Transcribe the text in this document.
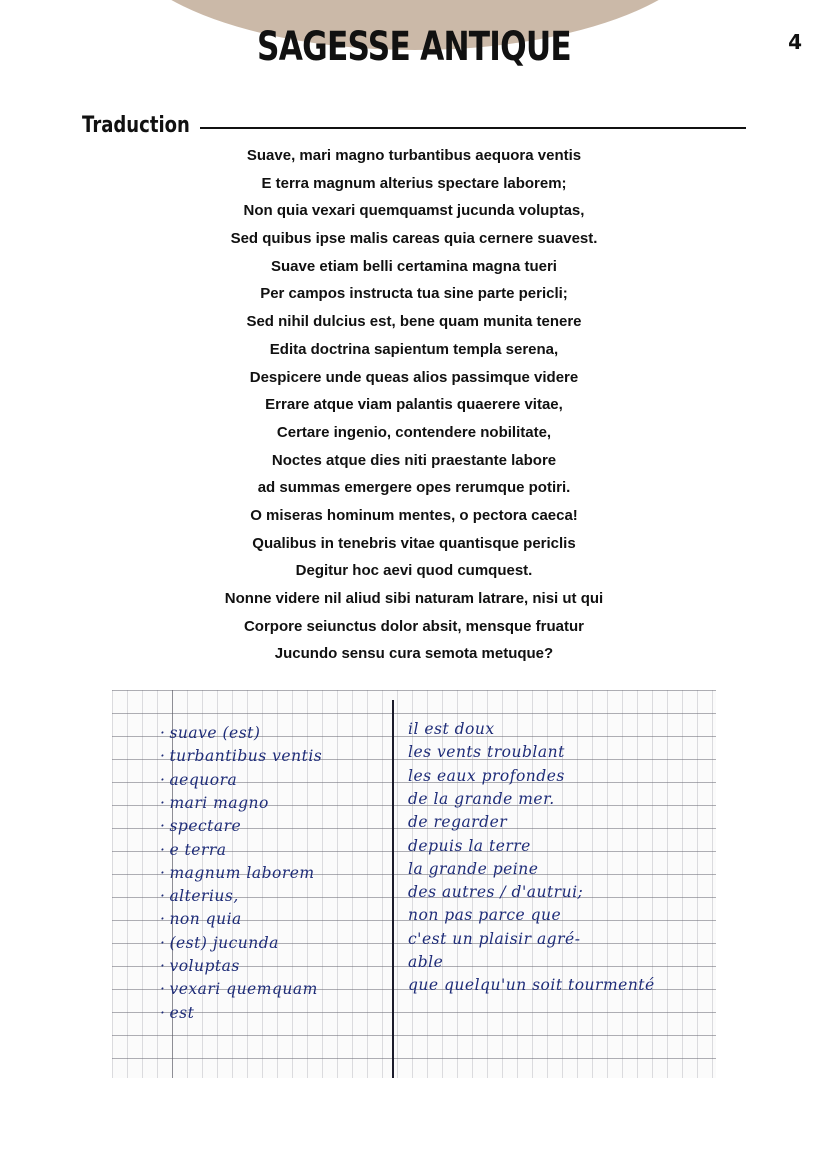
SAGESSE ANTIQUE	4
Traduction
Suave, mari magno turbantibus aequora ventis
E terra magnum alterius spectare laborem;
Non quia vexari quemquamst jucunda voluptas,
Sed quibus ipse malis careas quia cernere suavest.
Suave etiam belli certamina magna tueri
Per campos instructa tua sine parte pericli;
Sed nihil dulcius est, bene quam munita tenere
Edita doctrina sapientum templa serena,
Despicere unde queas alios passimque videre
Errare atque viam palantis quaerere vitae,
Certare ingenio, contendere nobilitate,
Noctes atque dies niti praestante labore
ad summas emergere opes rerumque potiri.
O miseras hominum mentes, o pectora caeca!
Qualibus in tenebris vitae quantisque periclis
Degitur hoc aevi quod cumquest.
Nonne videre nil aliud sibi naturam latrare, nisi ut qui
Corpore seiunctus dolor absit, mensque fruatur
Jucundo sensu cura semota metuque?
· suave (est)
· turbantibus ventis
· aequora
· mari magno
· spectare
· e terra
· magnum laborem
· alterius,
· non quia
· (est) jucunda
· voluptas
· vexari quemquam
· est
il est doux
les vents troublant
les eaux profondes
de la grande mer.
de regarder
depuis la terre
la grande peine
des autres / d'autrui;
non pas parce que
c'est un plaisir agré-
able
que quelqu'un soit tourmenté
